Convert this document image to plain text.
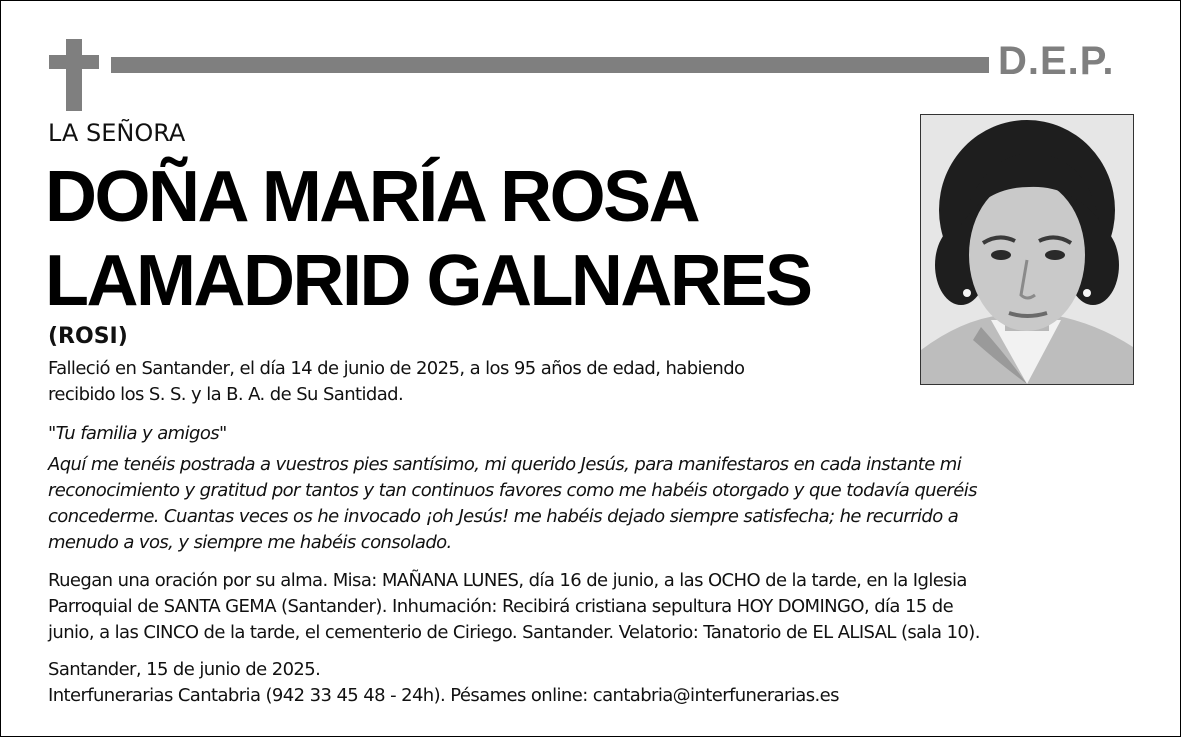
D.E.P.
LA SEÑORA
DOÑA MARÍA ROSA
LAMADRID GALNARES
(ROSI)
Falleció en Santander, el día 14 de junio de 2025, a los 95 años de edad, habiendo
recibido los S. S. y la B. A. de Su Santidad.
"Tu familia y amigos"
Aquí me tenéis postrada a vuestros pies santísimo, mi querido Jesús, para manifestaros en cada instante mi
reconocimiento y gratitud por tantos y tan continuos favores como me habéis otorgado y que todavía queréis
concederme. Cuantas veces os he invocado ¡oh Jesús! me habéis dejado siempre satisfecha; he recurrido a
menudo a vos, y siempre me habéis consolado.
Ruegan una oración por su alma. Misa: MAÑANA LUNES, día 16 de junio, a las OCHO de la tarde, en la Iglesia
Parroquial de SANTA GEMA (Santander). Inhumación: Recibirá cristiana sepultura HOY DOMINGO, día 15 de
junio, a las CINCO de la tarde, el cementerio de Ciriego. Santander. Velatorio: Tanatorio de EL ALISAL (sala 10).
Santander, 15 de junio de 2025.
Interfunerarias Cantabria (942 33 45 48 - 24h). Pésames online: cantabria@interfunerarias.es
